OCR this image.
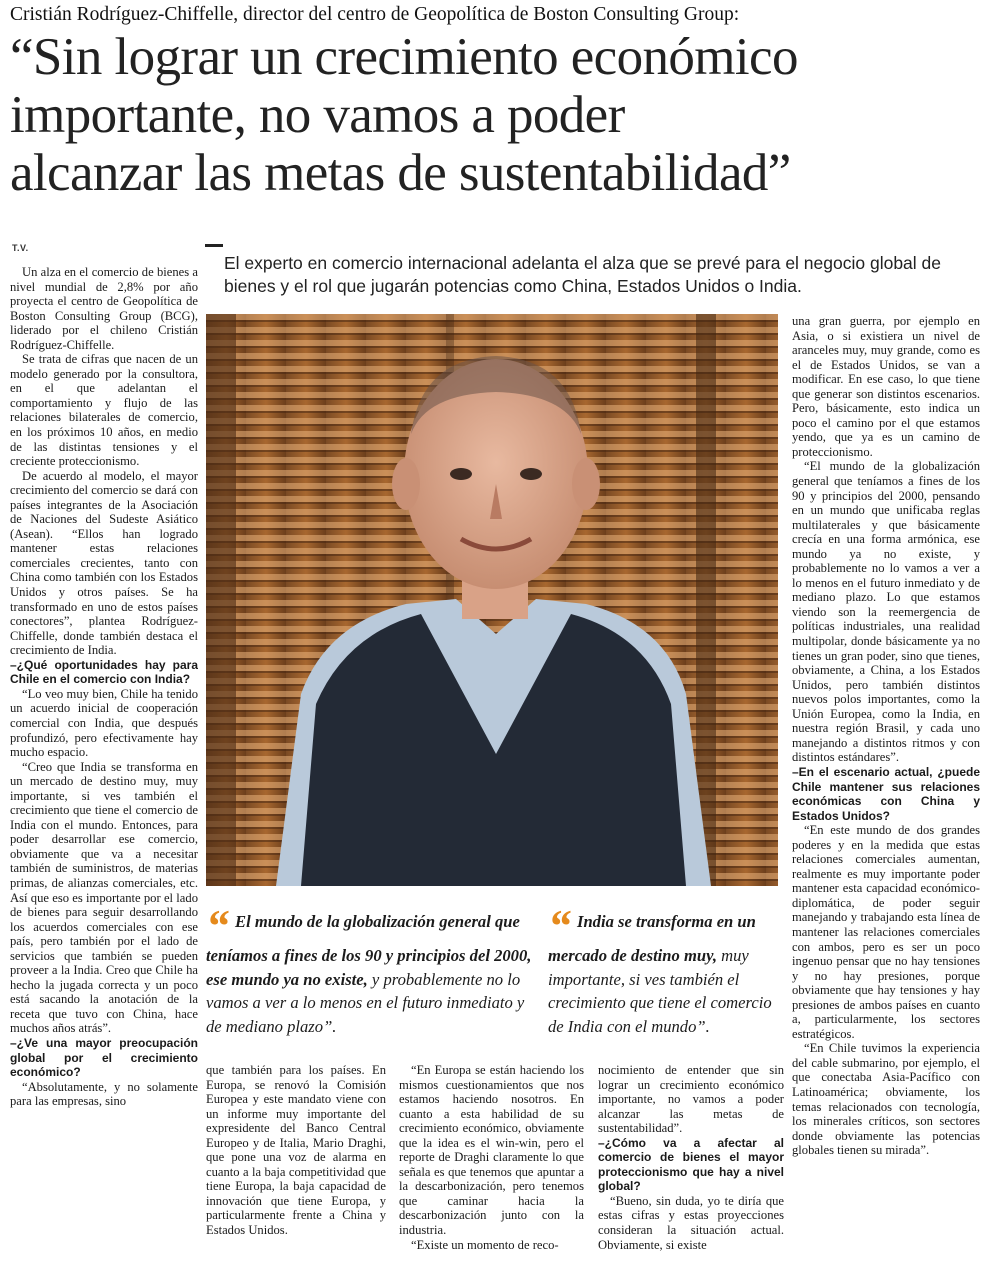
Cristián Rodríguez-Chiffelle, director del centro de Geopolítica de Boston Consulting Group:
“Sin lograr un crecimiento económico
importante, no vamos a poder
alcanzar las metas de sustentabilidad”
T.V.
El experto en comercio internacional adelanta el alza que se prevé para el negocio global de bienes y el rol que jugarán potencias como China, Estados Unidos o India.

Un alza en el comercio de bienes a nivel mundial de 2,8% por año proyecta el centro de Geopolítica de Boston Consulting Group (BCG), liderado por el chileno Cristián Rodríguez-Chiffelle.

Se trata de cifras que nacen de un modelo generado por la consultora, en el que adelantan el comportamiento y flujo de las relaciones bilaterales de comercio, en los próximos 10 años, en medio de las distintas tensiones y el creciente proteccionismo.

De acuerdo al modelo, el mayor crecimiento del comercio se dará con países integrantes de la Asociación de Naciones del Sudeste Asiático (Asean). “Ellos han logrado mantener estas relaciones comerciales crecientes, tanto con China como también con los Estados Unidos y otros países. Se ha transformado en uno de estos países conectores”, plantea Rodríguez-Chiffelle, donde también destaca el crecimiento de India.

–¿Qué oportunidades hay para Chile en el comercio con India?

“Lo veo muy bien, Chile ha tenido un acuerdo inicial de cooperación comercial con India, que después profundizó, pero efectivamente hay mucho espacio.

“Creo que India se transforma en un mercado de destino muy, muy importante, si ves también el crecimiento que tiene el comercio de India con el mundo. Entonces, para poder desarrollar ese comercio, obviamente que va a necesitar también de suministros, de materias primas, de alianzas comerciales, etc. Así que eso es importante por el lado de bienes para seguir desarrollando los acuerdos comerciales con ese país, pero también por el lado de servicios que también se pueden proveer a la India. Creo que Chile ha hecho la jugada correcta y un poco está sacando la anotación de la receta que tuvo con China, hace muchos años atrás”.

–¿Ve una mayor preocupación global por el crecimiento económico?

“Absolutamente, y no solamente para las empresas, sino

“ El mundo de la globalización general que teníamos a fines de los 90 y principios del 2000, ese mundo ya no existe, y probablemente no lo vamos a ver a lo menos en el futuro inmediato y de mediano plazo”.
“ India se transforma en un mercado de destino muy, muy importante, si ves también el crecimiento que tiene el comercio de India con el mundo”.

que también para los países. En Europa, se renovó la Comisión Europea y este mandato viene con un informe muy importante del expresidente del Banco Central Europeo y de Italia, Mario Draghi, que pone una voz de alarma en cuanto a la baja competitividad que tiene Europa, la baja capacidad de innovación que tiene Europa, y particularmente frente a China y Estados Unidos.

“En Europa se están haciendo los mismos cuestionamientos que nos estamos haciendo nosotros. En cuanto a esta habilidad de su crecimiento económico, obviamente que la idea es el win-win, pero el reporte de Draghi claramente lo que señala es que tenemos que apuntar a la descarbonización, pero tenemos que caminar hacia la descarbonización junto con la industria.

“Existe un momento de reco-

nocimiento de entender que sin lograr un crecimiento económico importante, no vamos a poder alcanzar las metas de sustentabilidad”.

–¿Cómo va a afectar al comercio de bienes el mayor proteccionismo que hay a nivel global?

“Bueno, sin duda, yo te diría que estas cifras y estas proyecciones consideran la situación actual. Obviamente, si existe

una gran guerra, por ejemplo en Asia, o si existiera un nivel de aranceles muy, muy grande, como es el de Estados Unidos, se van a modificar. En ese caso, lo que tiene que generar son distintos escenarios. Pero, básicamente, esto indica un poco el camino por el que estamos yendo, que ya es un camino de proteccionismo.

“El mundo de la globalización general que teníamos a fines de los 90 y principios del 2000, pensando en un mundo que unificaba reglas multilaterales y que básicamente crecía en una forma armónica, ese mundo ya no existe, y probablemente no lo vamos a ver a lo menos en el futuro inmediato y de mediano plazo. Lo que estamos viendo son la reemergencia de políticas industriales, una realidad multipolar, donde básicamente ya no tienes un gran poder, sino que tienes, obviamente, a China, a los Estados Unidos, pero también distintos nuevos polos importantes, como la Unión Europea, como la India, en nuestra región Brasil, y cada uno manejando a distintos ritmos y con distintos estándares”.

–En el escenario actual, ¿puede Chile mantener sus relaciones económicas con China y Estados Unidos?

“En este mundo de dos grandes poderes y en la medida que estas relaciones comerciales aumentan, realmente es muy importante poder mantener esta capacidad económico-diplomática, de poder seguir manejando y trabajando esta línea de mantener las relaciones comerciales con ambos, pero es ser un poco ingenuo pensar que no hay tensiones y no hay presiones, porque obviamente que hay tensiones y hay presiones de ambos países en cuanto a, particularmente, los sectores estratégicos.

“En Chile tuvimos la experiencia del cable submarino, por ejemplo, el que conectaba Asia-Pacífico con Latinoamérica; obviamente, los temas relacionados con tecnología, los minerales críticos, son sectores donde obviamente las potencias globales tienen su mirada”.
